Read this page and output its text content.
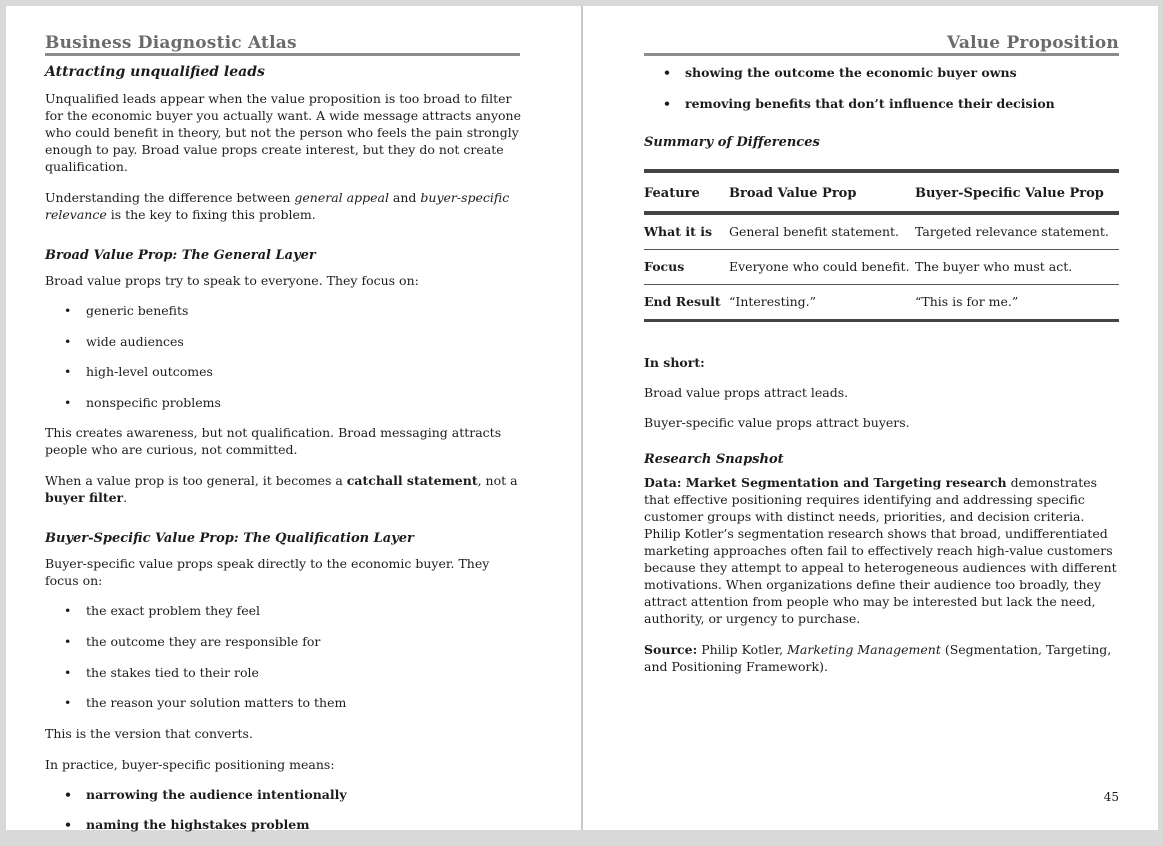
Business Diagnostic Atlas
Attracting unqualified leads

Unqualified leads appear when the value proposition is too broad to filter for the economic buyer you actually want. A wide message attracts anyone who could benefit in theory, but not the person who feels the pain strongly enough to pay. Broad value props create interest, but they do not create qualification.

Understanding the difference between general appeal and buyer-specific relevance is the key to fixing this problem.

Broad Value Prop: The General Layer

Broad value props try to speak to everyone. They focus on:

• generic benefits
• wide audiences
• high-level outcomes
• nonspecific problems

This creates awareness, but not qualification. Broad messaging attracts people who are curious, not committed.

When a value prop is too general, it becomes a catchall statement, not a buyer filter.

Buyer-Specific Value Prop: The Qualification Layer

Buyer-specific value props speak directly to the economic buyer. They focus on:

• the exact problem they feel
• the outcome they are responsible for
• the stakes tied to their role
• the reason your solution matters to them

This is the version that converts.

In practice, buyer-specific positioning means:

• narrowing the audience intentionally
• naming the highstakes problem
Value Proposition
• showing the outcome the economic buyer owns
• removing benefits that don’t influence their decision
Summary of Differences
Feature	Broad Value Prop	Buyer-Specific Value Prop
What it is	General benefit statement.	Targeted relevance statement.
Focus	Everyone who could benefit.	The buyer who must act.
End Result	“Interesting.”	“This is for me.”

In short:

Broad value props attract leads.

Buyer-specific value props attract buyers.

Research Snapshot

Data: Market Segmentation and Targeting research demonstrates that effective positioning requires identifying and addressing specific customer groups with distinct needs, priorities, and decision criteria. Philip Kotler’s segmentation research shows that broad, undifferentiated marketing approaches often fail to effectively reach high-value customers because they attempt to appeal to heterogeneous audiences with different motivations. When organizations define their audience too broadly, they attract attention from people who may be interested but lack the need, authority, or urgency to purchase.

Source: Philip Kotler, Marketing Management (Segmentation, Targeting, and Positioning Framework).

45
